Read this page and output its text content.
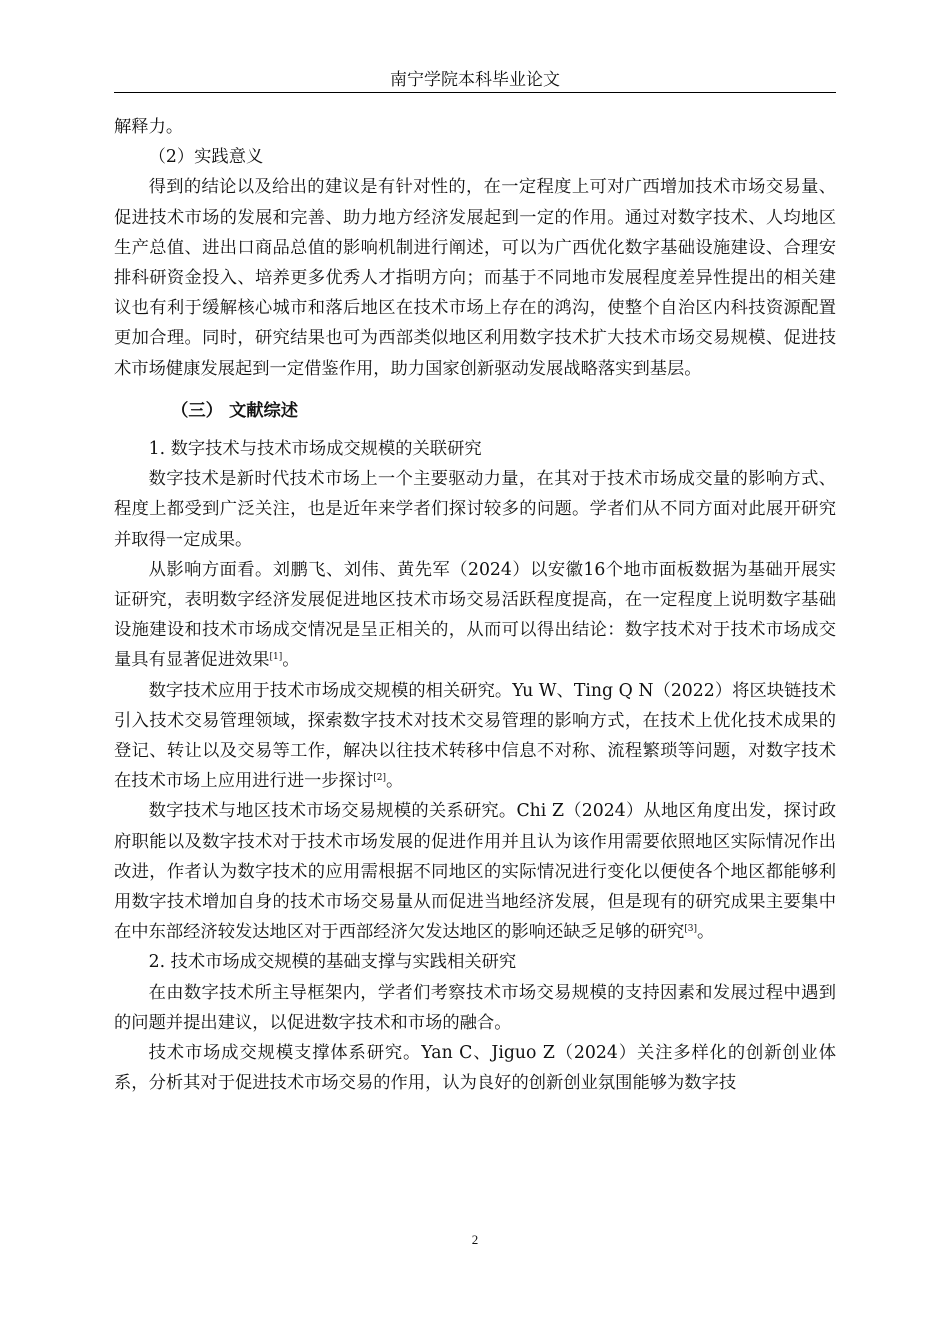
南宁学院本科毕业论文

解释力。

（2）实践意义

得到的结论以及给出的建议是有针对性的，在一定程度上可对广西增加技术市场交易量、促进技术市场的发展和完善、助力地方经济发展起到一定的作用。通过对数字技术、人均地区生产总值、进出口商品总值的影响机制进行阐述，可以为广西优化数字基础设施建设、合理安排科研资金投入、培养更多优秀人才指明方向；而基于不同地市发展程度差异性提出的相关建议也有利于缓解核心城市和落后地区在技术市场上存在的鸿沟，使整个自治区内科技资源配置更加合理。同时，研究结果也可为西部类似地区利用数字技术扩大技术市场交易规模、促进技术市场健康发展起到一定借鉴作用，助力国家创新驱动发展战略落实到基层。

（三） 文献综述

1. 数字技术与技术市场成交规模的关联研究

数字技术是新时代技术市场上一个主要驱动力量，在其对于技术市场成交量的影响方式、程度上都受到广泛关注，也是近年来学者们探讨较多的问题。学者们从不同方面对此展开研究并取得一定成果。

从影响方面看。刘鹏飞、刘伟、黄先军（2024）以安徽16个地市面板数据为基础开展实证研究，表明数字经济发展促进地区技术市场交易活跃程度提高，在一定程度上说明数字基础设施建设和技术市场成交情况是呈正相关的，从而可以得出结论：数字技术对于技术市场成交量具有显著促进效果[1]。

数字技术应用于技术市场成交规模的相关研究。Yu W、Ting Q N（2022）将区块链技术引入技术交易管理领域，探索数字技术对技术交易管理的影响方式，在技术上优化技术成果的登记、转让以及交易等工作，解决以往技术转移中信息不对称、流程繁琐等问题，对数字技术在技术市场上应用进行进一步探讨[2]。

数字技术与地区技术市场交易规模的关系研究。Chi Z（2024）从地区角度出发，探讨政府职能以及数字技术对于技术市场发展的促进作用并且认为该作用需要依照地区实际情况作出改进，作者认为数字技术的应用需根据不同地区的实际情况进行变化以便使各个地区都能够利用数字技术增加自身的技术市场交易量从而促进当地经济发展，但是现有的研究成果主要集中在中东部经济较发达地区对于西部经济欠发达地区的影响还缺乏足够的研究[3]。

2. 技术市场成交规模的基础支撑与实践相关研究

在由数字技术所主导框架内，学者们考察技术市场交易规模的支持因素和发展过程中遇到的问题并提出建议，以促进数字技术和市场的融合。

技术市场成交规模支撑体系研究。Yan C、Jiguo Z（2024）关注多样化的创新创业体系，分析其对于促进技术市场交易的作用，认为良好的创新创业氛围能够为数字技

2
